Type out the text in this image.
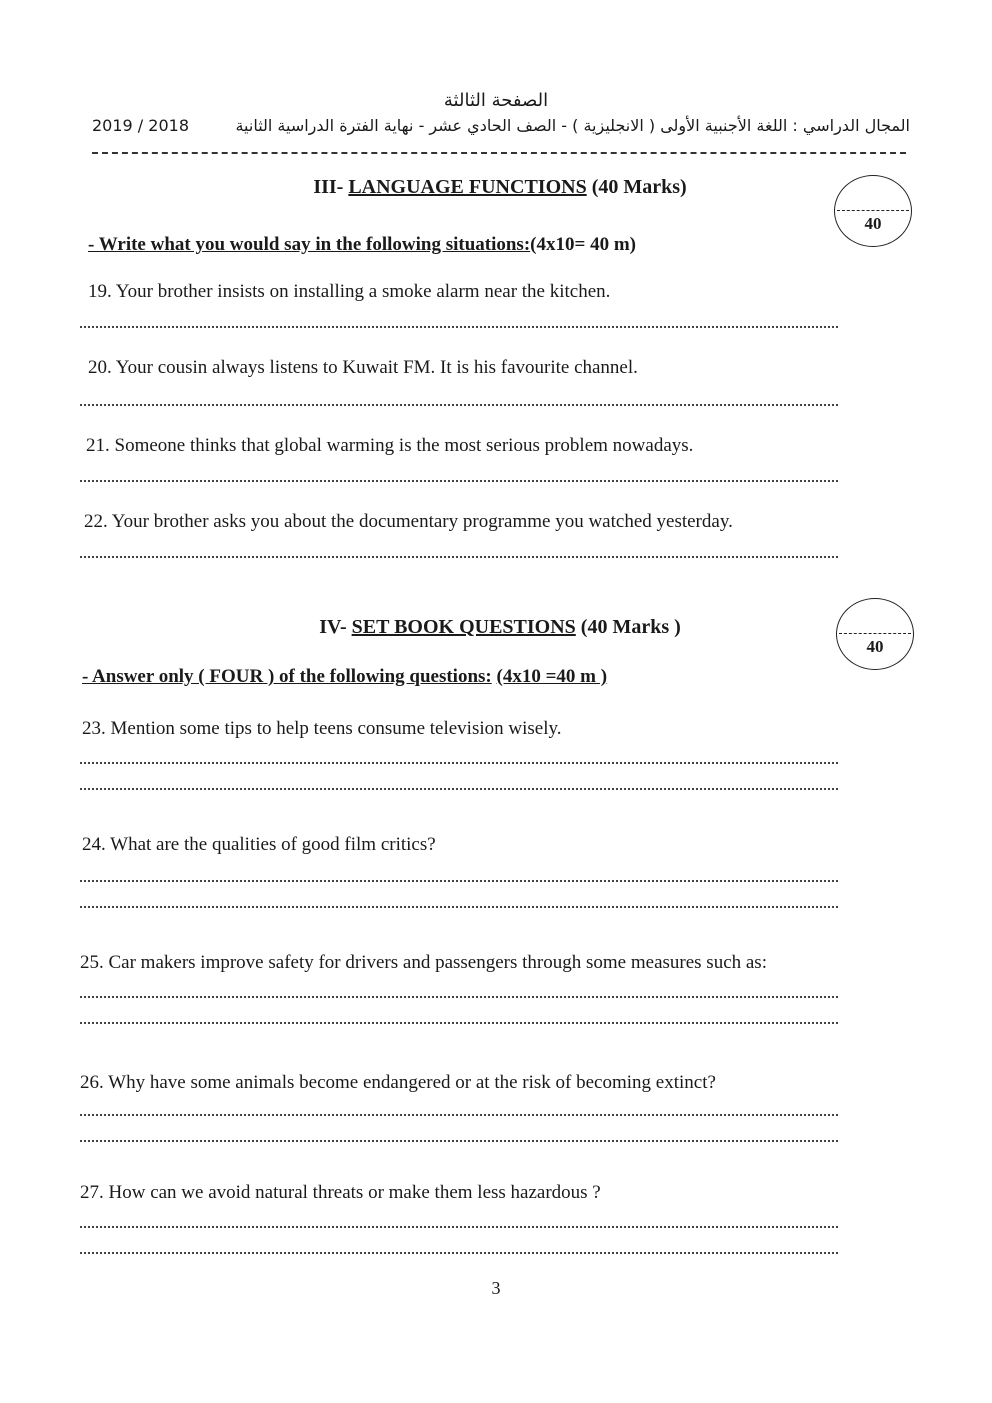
الصفحة الثالثة
2019 / 2018	المجال الدراسي : اللغة الأجنبية الأولى ( الانجليزية ) - الصف الحادي عشر - نهاية الفترة الدراسية الثانية
III- LANGUAGE FUNCTIONS (40 Marks)
40
- Write what you would say in the following situations:(4x10= 40 m)
19. Your brother insists on installing a smoke alarm near the kitchen.
20. Your cousin always listens to Kuwait FM. It is his favourite channel.
21. Someone thinks that global warming is the most serious problem nowadays.
22. Your brother asks you about the documentary programme you watched yesterday.
IV- SET BOOK QUESTIONS (40 Marks )
40
- Answer only ( FOUR ) of the following questions: (4x10 =40 m )
23. Mention some tips to help teens consume television wisely.
24. What are the qualities of good film critics?
25. Car makers improve safety for drivers and passengers through some measures such as:
26. Why have some animals become endangered or at the risk of becoming extinct?
27. How can we avoid natural threats or make them less hazardous ?
3
